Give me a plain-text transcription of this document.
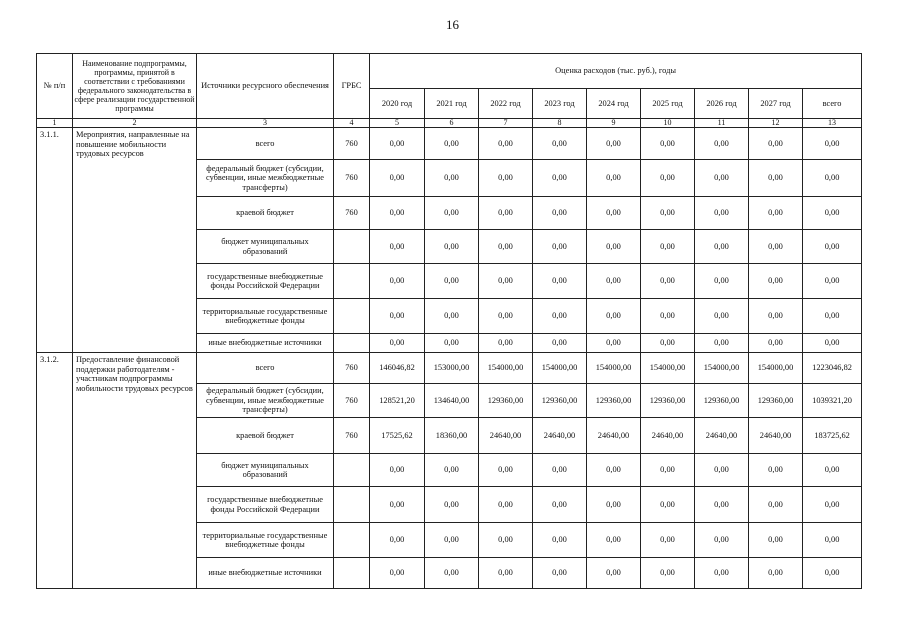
16
№ п/п	Наименование подпрограммы, программы, принятой в соответствии с требованиями федерального законодательства в сфере реализации государственной программы	Источники ресурсного обеспечения	ГРБС	Оценка расходов (тыс. руб.), годы								
				2020 год	2021 год	2022 год	2023 год	2024 год	2025 год	2026 год	2027 год	всего
1	2	3	4	5	6	7	8	9	10	11	12	13
3.1.1.	Мероприятия, направленные на повышение мобильности трудовых ресурсов	всего	760	0,00	0,00	0,00	0,00	0,00	0,00	0,00	0,00	0,00
		федеральный бюджет (субсидии, субвенции, иные межбюджетные трансферты)	760	0,00	0,00	0,00	0,00	0,00	0,00	0,00	0,00	0,00
		краевой бюджет	760	0,00	0,00	0,00	0,00	0,00	0,00	0,00	0,00	0,00
		бюджет муниципальных образований		0,00	0,00	0,00	0,00	0,00	0,00	0,00	0,00	0,00
		государственные внебюджетные фонды Российской Федерации		0,00	0,00	0,00	0,00	0,00	0,00	0,00	0,00	0,00
		территориальные государственные внебюджетные фонды		0,00	0,00	0,00	0,00	0,00	0,00	0,00	0,00	0,00
		иные внебюджетные источники		0,00	0,00	0,00	0,00	0,00	0,00	0,00	0,00	0,00
3.1.2.	Предоставление финансовой поддержки работодателям - участникам подпрограммы мобильности трудовых ресурсов	всего	760	146046,82	153000,00	154000,00	154000,00	154000,00	154000,00	154000,00	154000,00	1223046,82
		федеральный бюджет (субсидии, субвенции, иные межбюджетные трансферты)	760	128521,20	134640,00	129360,00	129360,00	129360,00	129360,00	129360,00	129360,00	1039321,20
		краевой бюджет	760	17525,62	18360,00	24640,00	24640,00	24640,00	24640,00	24640,00	24640,00	183725,62
		бюджет муниципальных образований		0,00	0,00	0,00	0,00	0,00	0,00	0,00	0,00	0,00
		государственные внебюджетные фонды Российской Федерации		0,00	0,00	0,00	0,00	0,00	0,00	0,00	0,00	0,00
		территориальные государственные внебюджетные фонды		0,00	0,00	0,00	0,00	0,00	0,00	0,00	0,00	0,00
		иные внебюджетные источники		0,00	0,00	0,00	0,00	0,00	0,00	0,00	0,00	0,00
